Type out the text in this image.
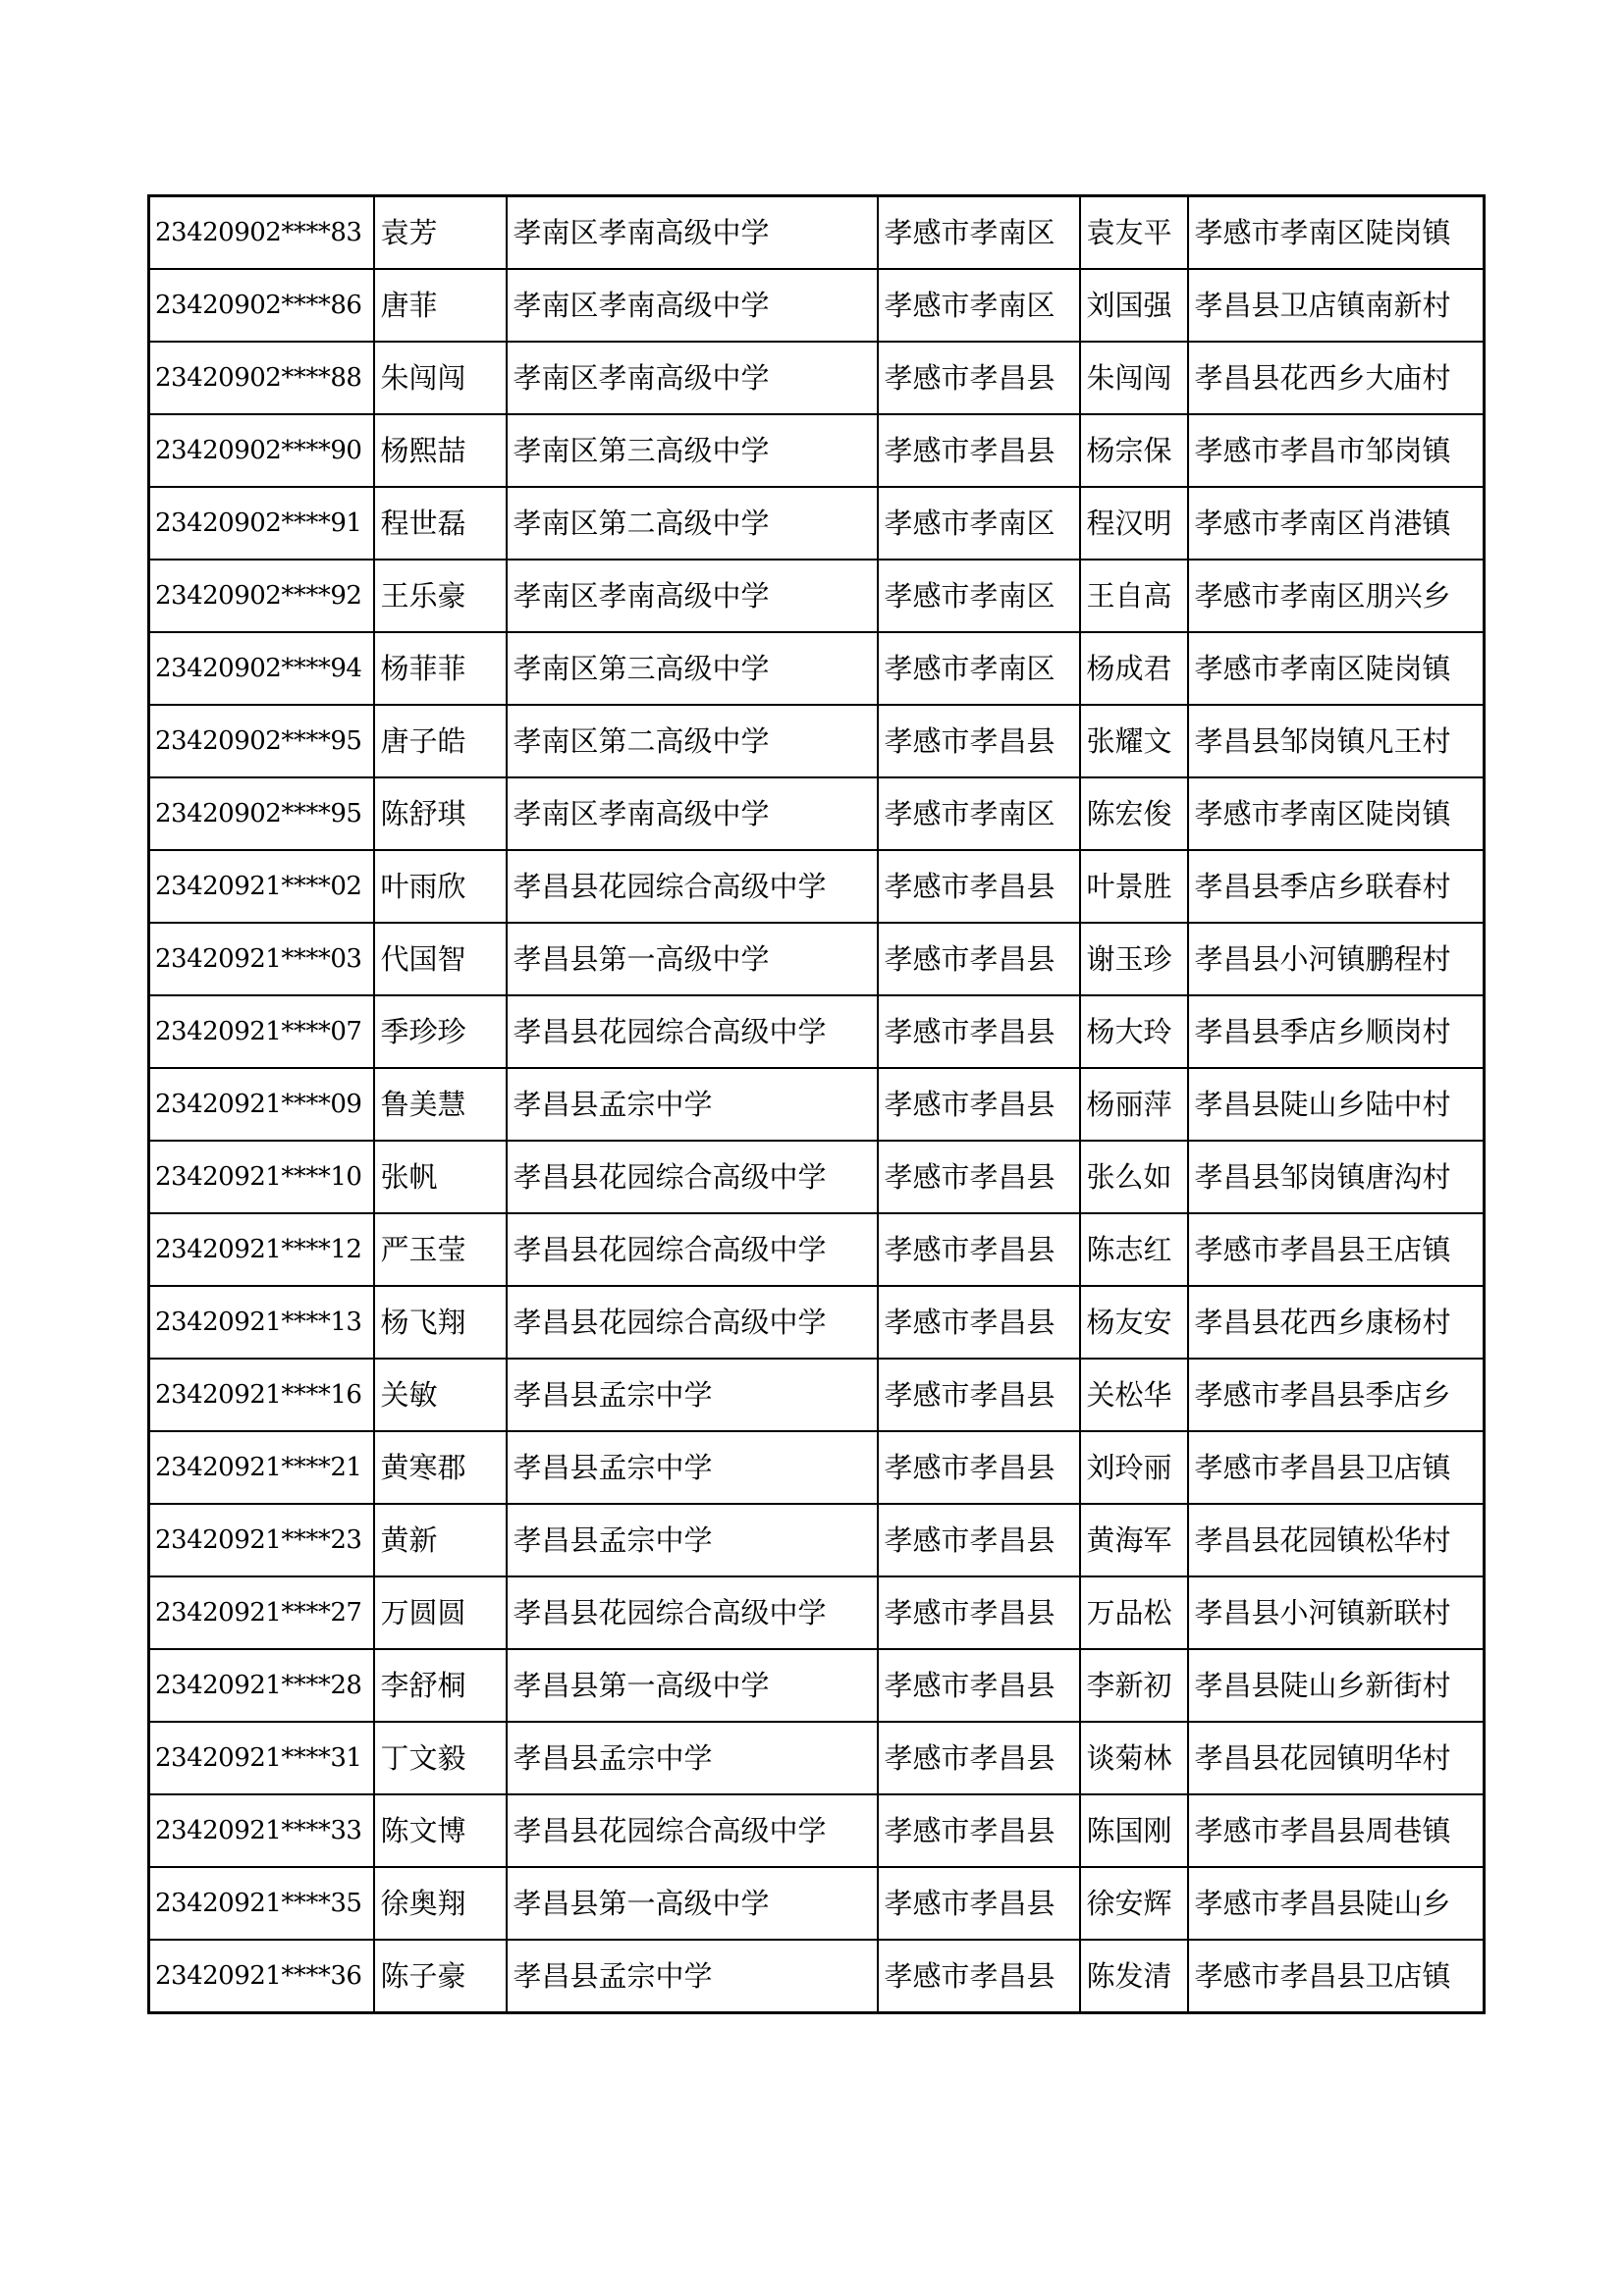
23420902****83	袁芳	孝南区孝南高级中学	孝感市孝南区	袁友平	孝感市孝南区陡岗镇
23420902****86	唐菲	孝南区孝南高级中学	孝感市孝南区	刘国强	孝昌县卫店镇南新村
23420902****88	朱闯闯	孝南区孝南高级中学	孝感市孝昌县	朱闯闯	孝昌县花西乡大庙村
23420902****90	杨熙喆	孝南区第三高级中学	孝感市孝昌县	杨宗保	孝感市孝昌市邹岗镇
23420902****91	程世磊	孝南区第二高级中学	孝感市孝南区	程汉明	孝感市孝南区肖港镇
23420902****92	王乐豪	孝南区孝南高级中学	孝感市孝南区	王自高	孝感市孝南区朋兴乡
23420902****94	杨菲菲	孝南区第三高级中学	孝感市孝南区	杨成君	孝感市孝南区陡岗镇
23420902****95	唐子皓	孝南区第二高级中学	孝感市孝昌县	张耀文	孝昌县邹岗镇凡王村
23420902****95	陈舒琪	孝南区孝南高级中学	孝感市孝南区	陈宏俊	孝感市孝南区陡岗镇
23420921****02	叶雨欣	孝昌县花园综合高级中学	孝感市孝昌县	叶景胜	孝昌县季店乡联春村
23420921****03	代国智	孝昌县第一高级中学	孝感市孝昌县	谢玉珍	孝昌县小河镇鹏程村
23420921****07	季珍珍	孝昌县花园综合高级中学	孝感市孝昌县	杨大玲	孝昌县季店乡顺岗村
23420921****09	鲁美慧	孝昌县孟宗中学	孝感市孝昌县	杨丽萍	孝昌县陡山乡陆中村
23420921****10	张帆	孝昌县花园综合高级中学	孝感市孝昌县	张么如	孝昌县邹岗镇唐沟村
23420921****12	严玉莹	孝昌县花园综合高级中学	孝感市孝昌县	陈志红	孝感市孝昌县王店镇
23420921****13	杨飞翔	孝昌县花园综合高级中学	孝感市孝昌县	杨友安	孝昌县花西乡康杨村
23420921****16	关敏	孝昌县孟宗中学	孝感市孝昌县	关松华	孝感市孝昌县季店乡
23420921****21	黄寒郡	孝昌县孟宗中学	孝感市孝昌县	刘玲丽	孝感市孝昌县卫店镇
23420921****23	黄新	孝昌县孟宗中学	孝感市孝昌县	黄海军	孝昌县花园镇松华村
23420921****27	万圆圆	孝昌县花园综合高级中学	孝感市孝昌县	万品松	孝昌县小河镇新联村
23420921****28	李舒桐	孝昌县第一高级中学	孝感市孝昌县	李新初	孝昌县陡山乡新街村
23420921****31	丁文毅	孝昌县孟宗中学	孝感市孝昌县	谈菊林	孝昌县花园镇明华村
23420921****33	陈文博	孝昌县花园综合高级中学	孝感市孝昌县	陈国刚	孝感市孝昌县周巷镇
23420921****35	徐奥翔	孝昌县第一高级中学	孝感市孝昌县	徐安辉	孝感市孝昌县陡山乡
23420921****36	陈子豪	孝昌县孟宗中学	孝感市孝昌县	陈发清	孝感市孝昌县卫店镇
